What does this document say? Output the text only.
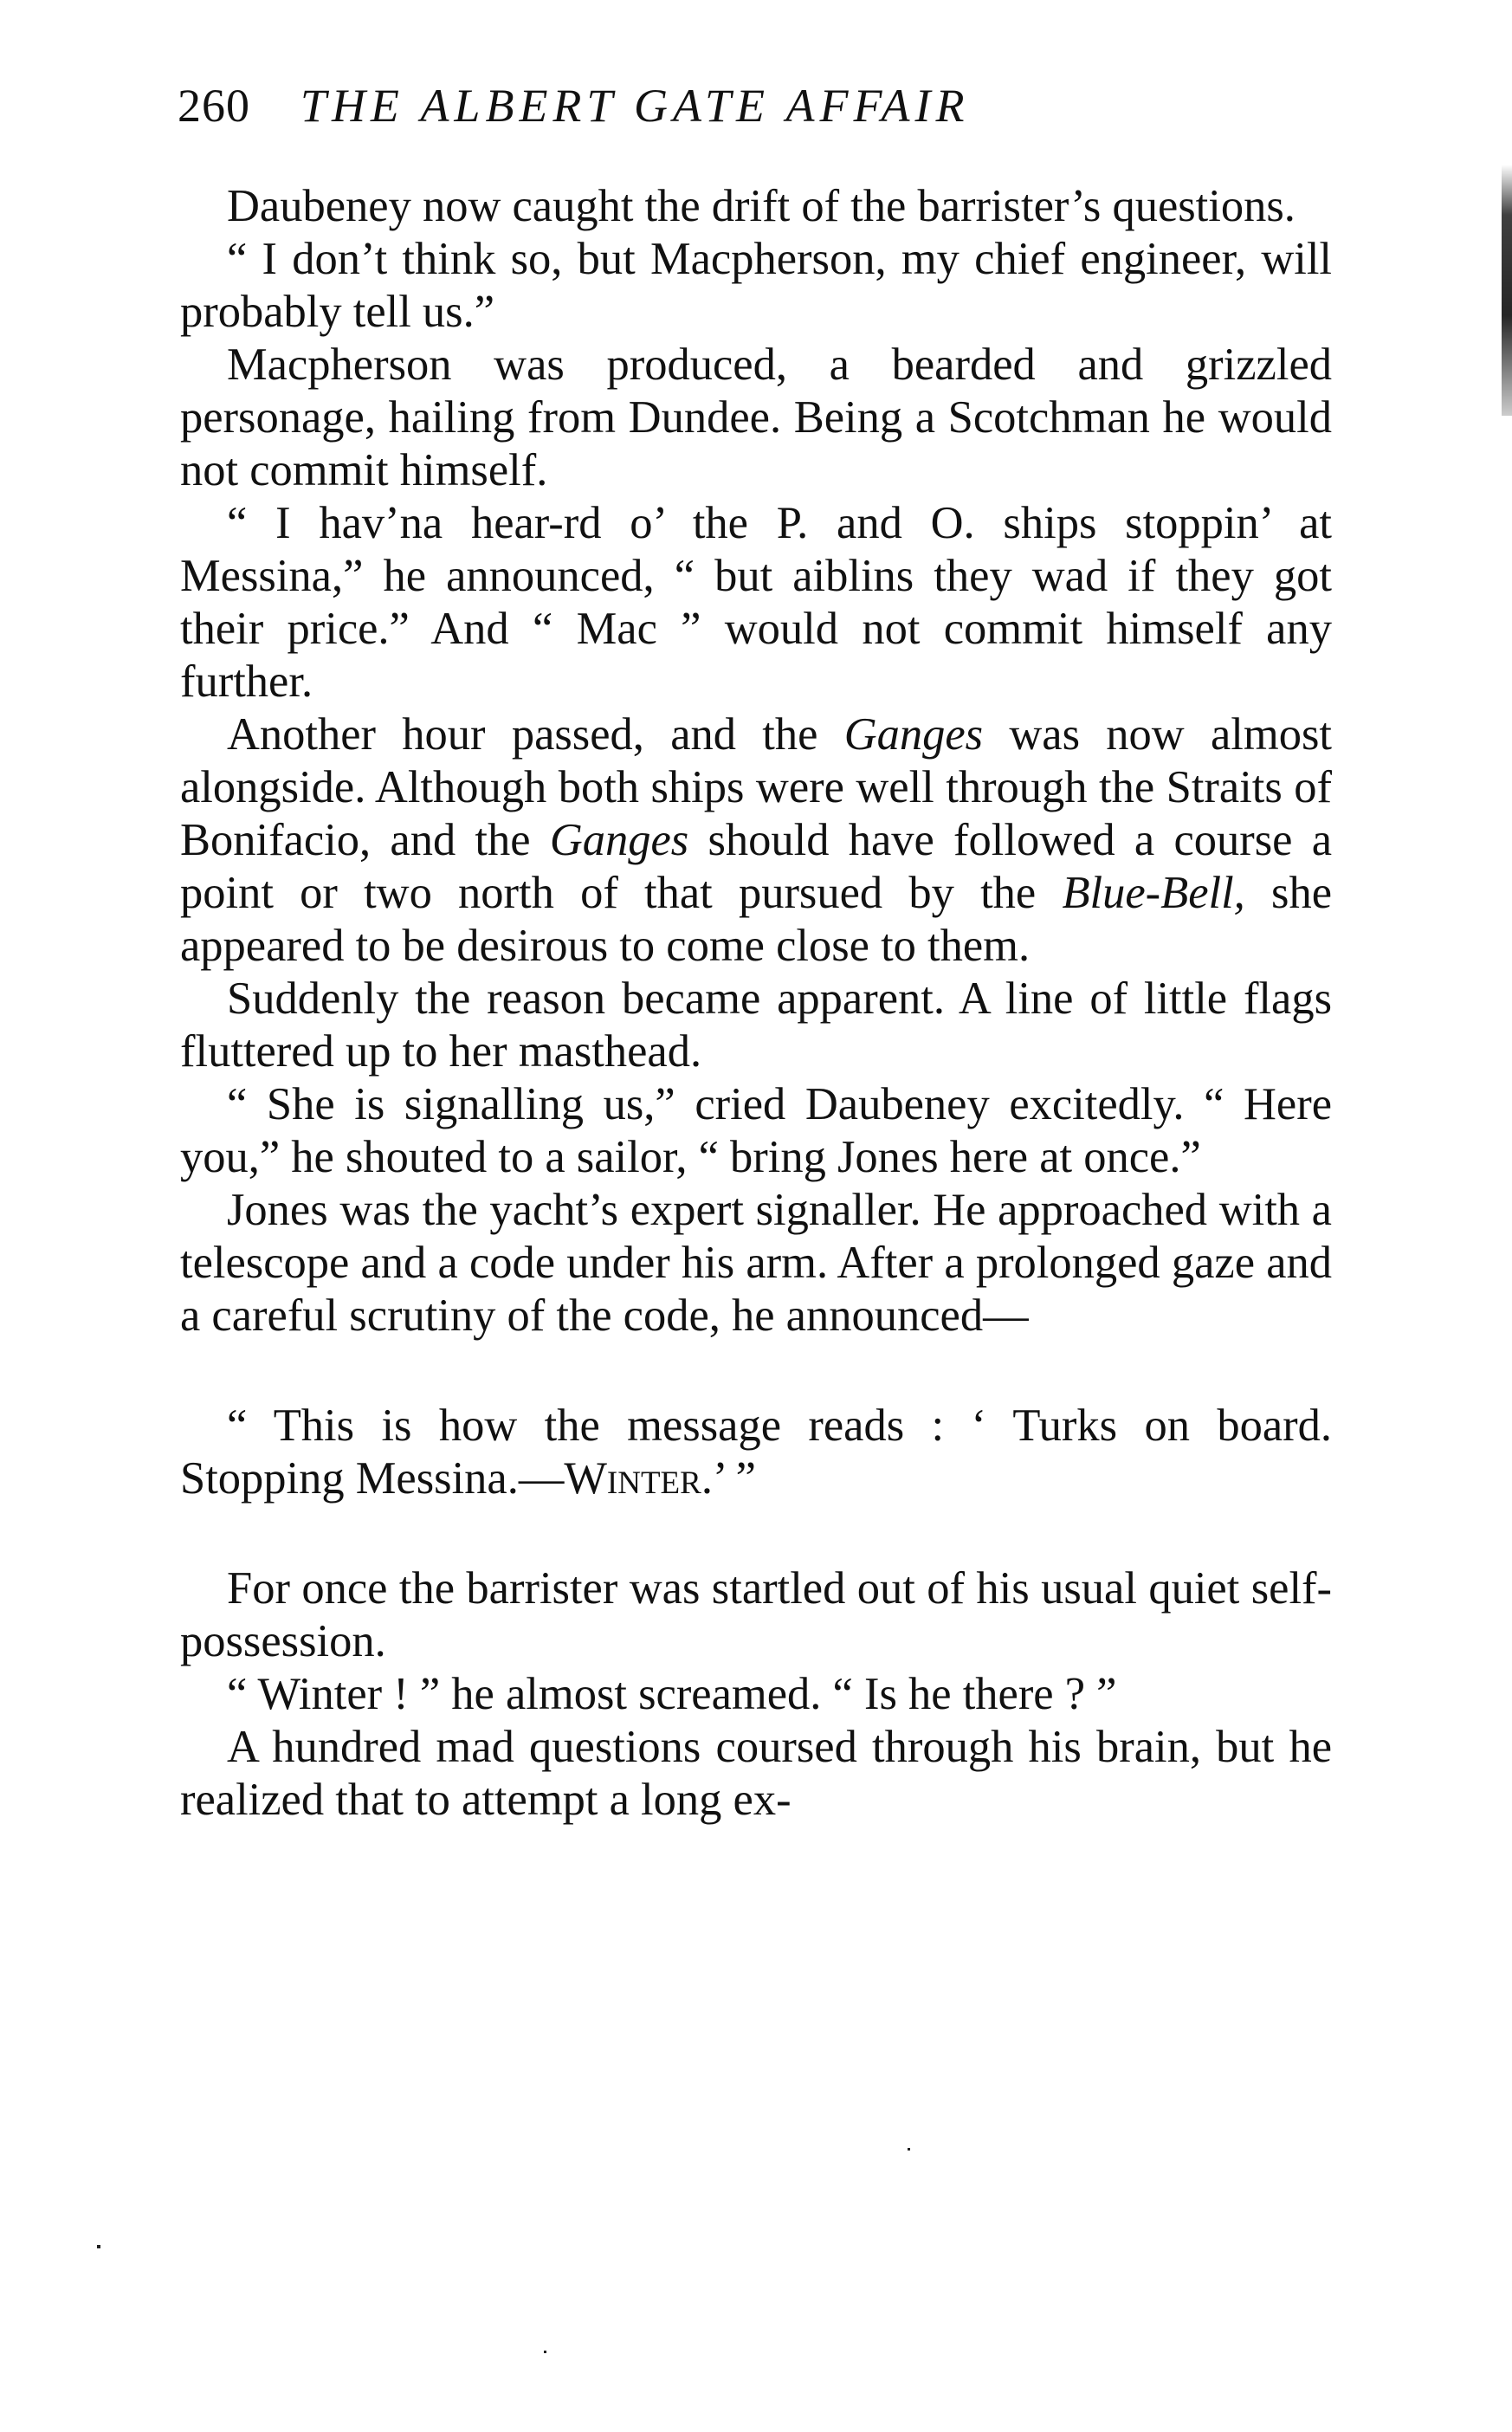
260 THE ALBERT GATE AFFAIR

Daubeney now caught the drift of the barrister’s questions.

“ I don’t think so, but Macpherson, my chief engineer, will probably tell us.”

Macpherson was produced, a bearded and grizzled personage, hailing from Dundee. Being a Scotchman he would not commit himself.

“ I hav’na hear-rd o’ the P. and O. ships stoppin’ at Messina,” he announced, “ but aiblins they wad if they got their price.” And “ Mac ” would not commit himself any further.

Another hour passed, and the Ganges was now almost alongside. Although both ships were well through the Straits of Bonifacio, and the Ganges should have followed a course a point or two north of that pursued by the Blue-Bell, she appeared to be desirous to come close to them.

Suddenly the reason became apparent. A line of little flags fluttered up to her masthead.

“ She is signalling us,” cried Daubeney excitedly. “ Here you,” he shouted to a sailor, “ bring Jones here at once.”

Jones was the yacht’s expert signaller. He approached with a telescope and a code under his arm. After a prolonged gaze and a careful scrutiny of the code, he announced—

“ This is how the message reads : ‘ Turks on board. Stopping Messina.—Winter.’ ”

For once the barrister was startled out of his usual quiet self-possession.

“ Winter ! ” he almost screamed. “ Is he there ? ”

A hundred mad questions coursed through his brain, but he realized that to attempt a long ex-
